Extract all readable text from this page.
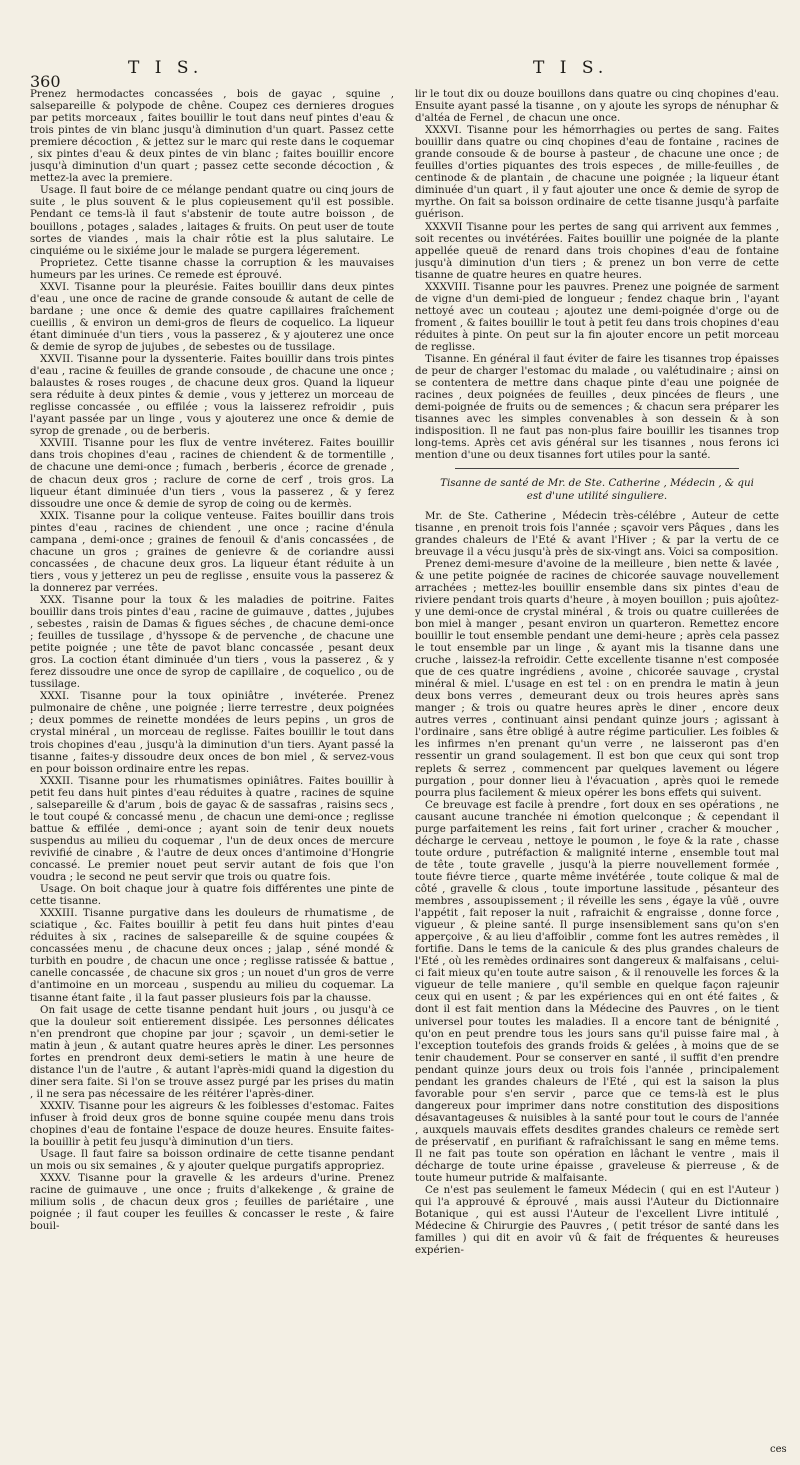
360
T I S.	T I S.

Prenez hermodactes concassées , bois de gayac , squine , salsepareille & polypode de chêne. Coupez ces dernieres drogues par petits morceaux , faites bouillir le tout dans neuf pintes d'eau & trois pintes de vin blanc jusqu'à diminution d'un quart. Passez cette premiere décoction , & jettez sur le marc qui reste dans le coquemar , six pintes d'eau & deux pintes de vin blanc ; faites bouillir encore jusqu'à diminution d'un quart ; passez cette seconde décoction , & mettez-la avec la premiere.

Usage. Il faut boire de ce mélange pendant quatre ou cinq jours de suite , le plus souvent & le plus copieusement qu'il est possible. Pendant ce tems-là il faut s'abstenir de toute autre boisson , de bouillons , potages , salades , laitages & fruits. On peut user de toute sortes de viandes , mais la chair rôtie est la plus salutaire. Le cinquiéme ou le sixiéme jour le malade se purgera légerement.

Proprietez. Cette tisanne chasse la corruption & les mauvaises humeurs par les urines. Ce remede est éprouvé.

XXVI. Tisanne pour la pleurésie. Faites bouillir dans deux pintes d'eau , une once de racine de grande consoude & autant de celle de bardane ; une once & demie des quatre capillaires fraîchement cueillis , & environ un demi-gros de fleurs de coquelico. La liqueur étant diminuée d'un tiers , vous la passerez , & y ajouterez une once & demie de syrop de jujubes , de sebestes ou de tussilage.

XXVII. Tisanne pour la dyssenterie. Faites bouillir dans trois pintes d'eau , racine & feuilles de grande consoude , de chacune une once ; balaustes & roses rouges , de chacune deux gros. Quand la liqueur sera réduite à deux pintes & demie , vous y jetterez un morceau de reglisse concassée , ou effilée ; vous la laisserez refroidir , puis l'ayant passée par un linge , vous y ajouterez une once & demie de syrop de grenade , ou de berberis.

XXVIII. Tisanne pour les flux de ventre invéterez. Faites bouillir dans trois chopines d'eau , racines de chiendent & de tormentille , de chacune une demi-once ; fumach , berberis , écorce de grenade , de chacun deux gros ; raclure de corne de cerf , trois gros. La liqueur étant diminuée d'un tiers , vous la passerez , & y ferez dissoudre une once & demie de syrop de coing ou de kermès.

XXIX. Tisanne pour la colique venteuse. Faites bouillir dans trois pintes d'eau , racines de chiendent , une once ; racine d'énula campana , demi-once ; graines de fenouil & d'anis concassées , de chacune un gros ; graines de genievre & de coriandre aussi concassées , de chacune deux gros. La liqueur étant réduite à un tiers , vous y jetterez un peu de reglisse , ensuite vous la passerez & la donnerez par verrées.

XXX. Tisanne pour la toux & les maladies de poitrine. Faites bouillir dans trois pintes d'eau , racine de guimauve , dattes , jujubes , sebestes , raisin de Damas & figues séches , de chacune demi-once ; feuilles de tussilage , d'hyssope & de pervenche , de chacune une petite poignée ; une tête de pavot blanc concassée , pesant deux gros. La coction étant diminuée d'un tiers , vous la passerez , & y ferez dissoudre une once de syrop de capillaire , de coquelico , ou de tussilage.

XXXI. Tisanne pour la toux opiniâtre , invéterée. Prenez pulmonaire de chêne , une poignée ; lierre terrestre , deux poignées ; deux pommes de reinette mondées de leurs pepins , un gros de crystal minéral , un morceau de reglisse. Faites bouillir le tout dans trois chopines d'eau , jusqu'à la diminution d'un tiers. Ayant passé la tisanne , faites-y dissoudre deux onces de bon miel , & servez-vous en pour boisson ordinaire entre les repas.

XXXII. Tisanne pour les rhumatismes opiniâtres. Faites bouillir à petit feu dans huit pintes d'eau réduites à quatre , racines de squine , salsepareille & d'arum , bois de gayac & de sassafras , raisins secs , le tout coupé & concassé menu , de chacun une demi-once ; reglisse battue & effilée , demi-once ; ayant soin de tenir deux nouets suspendus au milieu du coquemar , l'un de deux onces de mercure revivifié de cinabre , & l'autre de deux onces d'antimoine d'Hongrie concassé. Le premier nouet peut servir autant de fois que l'on voudra ; le second ne peut servir que trois ou quatre fois.

Usage. On boit chaque jour à quatre fois différentes une pinte de cette tisanne.

XXXIII. Tisanne purgative dans les douleurs de rhumatisme , de sciatique , &c. Faites bouillir à petit feu dans huit pintes d'eau réduites à six , racines de salsepareille & de squine coupées & concassées menu , de chacune deux onces ; jalap , séné mondé & turbith en poudre , de chacun une once ; reglisse ratissée & battue , canelle concassée , de chacune six gros ; un nouet d'un gros de verre d'antimoine en un morceau , suspendu au milieu du coquemar. La tisanne étant faite , il la faut passer plusieurs fois par la chausse.

On fait usage de cette tisanne pendant huit jours , ou jusqu'à ce que la douleur soit entierement dissipée. Les personnes délicates n'en prendront que chopine par jour ; sçavoir , un demi-setier le matin à jeun , & autant quatre heures après le diner. Les personnes fortes en prendront deux demi-setiers le matin à une heure de distance l'un de l'autre , & autant l'après-midi quand la digestion du diner sera faite. Si l'on se trouve assez purgé par les prises du matin , il ne sera pas nécessaire de les réitérer l'après-diner.

XXXIV. Tisanne pour les aigreurs & les foiblesses d'estomac. Faites infuser à froid deux gros de bonne squine coupée menu dans trois chopines d'eau de fontaine l'espace de douze heures. Ensuite faites-la bouillir à petit feu jusqu'à diminution d'un tiers.

Usage. Il faut faire sa boisson ordinaire de cette tisanne pendant un mois ou six semaines , & y ajouter quelque purgatifs appropriez.

XXXV. Tisanne pour la gravelle & les ardeurs d'urine. Prenez racine de guimauve , une once ; fruits d'alkekenge , & graine de milium solis , de chacun deux gros ; feuilles de pariétaire , une poignée ; il faut couper les feuilles & concasser le reste , & faire bouil-

lir le tout dix ou douze bouillons dans quatre ou cinq chopines d'eau. Ensuite ayant passé la tisanne , on y ajoute les syrops de nénuphar & d'altéa de Fernel , de chacun une once.

XXXVI. Tisanne pour les hémorrhagies ou pertes de sang. Faites bouillir dans quatre ou cinq chopines d'eau de fontaine , racines de grande consoude & de bourse à pasteur , de chacune une once ; de feuilles d'orties piquantes des trois especes , de mille-feuilles , de centinode & de plantain , de chacune une poignée ; la liqueur étant diminuée d'un quart , il y faut ajouter une once & demie de syrop de myrthe. On fait sa boisson ordinaire de cette tisanne jusqu'à parfaite guérison.

XXXVII Tisanne pour les pertes de sang qui arrivent aux femmes , soit recentes ou invétérées. Faites bouillir une poignée de la plante appellée queuë de renard dans trois chopines d'eau de fontaine jusqu'à diminution d'un tiers ; & prenez un bon verre de cette tisanne de quatre heures en quatre heures.

XXXVIII. Tisanne pour les pauvres. Prenez une poignée de sarment de vigne d'un demi-pied de longueur ; fendez chaque brin , l'ayant nettoyé avec un couteau ; ajoutez une demi-poignée d'orge ou de froment , & faites bouillir le tout à petit feu dans trois chopines d'eau réduites à pinte. On peut sur la fin ajouter encore un petit morceau de reglisse.

Tisanne. En général il faut éviter de faire les tisannes trop épaisses de peur de charger l'estomac du malade , ou valétudinaire ; ainsi on se contentera de mettre dans chaque pinte d'eau une poignée de racines , deux poignées de feuilles , deux pincées de fleurs , une demi-poignée de fruits ou de semences ; & chacun sera préparer les tisannes avec les simples convenables à son dessein & à son indisposition. Il ne faut pas non-plus faire bouillir les tisannes trop long-tems. Après cet avis général sur les tisannes , nous ferons ici mention d'une ou deux tisannes fort utiles pour la santé.

Tisanne de santé de Mr. de Ste. Catherine , Médecin , & qui est d'une utilité singuliere.

Mr. de Ste. Catherine , Médecin très-célébre , Auteur de cette tisanne , en prenoit trois fois l'année ; sçavoir vers Pâques , dans les grandes chaleurs de l'Eté & avant l'Hiver ; & par la vertu de ce breuvage il a vécu jusqu'à près de six-vingt ans. Voici sa composition.

Prenez demi-mesure d'avoine de la meilleure , bien nette & lavée , & une petite poignée de racines de chicorée sauvage nouvellement arrachées ; mettez-les bouillir ensemble dans six pintes d'eau de riviere pendant trois quarts d'heure , à moyen bouillon ; puis ajoûtez-y une demi-once de crystal minéral , & trois ou quatre cuillerées de bon miel à manger , pesant environ un quarteron. Remettez encore bouillir le tout ensemble pendant une demi-heure ; après cela passez le tout ensemble par un linge , & ayant mis la tisanne dans une cruche , laissez-la refroidir. Cette excellente tisanne n'est composée que de ces quatre ingrédiens , avoine , chicorée sauvage , crystal minéral & miel. L'usage en est tel : on en prendra le matin à jeun deux bons verres , demeurant deux ou trois heures après sans manger ; & trois ou quatre heures après le diner , encore deux autres verres , continuant ainsi pendant quinze jours ; agissant à l'ordinaire , sans être obligé à autre régime particulier. Les foibles & les infirmes n'en prenant qu'un verre , ne laisseront pas d'en ressentir un grand soulagement. Il est bon que ceux qui sont trop replets & serrez , commencent par quelques lavement ou légere purgation , pour donner lieu à l'évacuation , après quoi le remede pourra plus facilement & mieux opérer les bons effets qui suivent.

Ce breuvage est facile à prendre , fort doux en ses opérations , ne causant aucune tranchée ni émotion quelconque ; & cependant il purge parfaitement les reins , fait fort uriner , cracher & moucher , décharge le cerveau , nettoye le poumon , le foye & la rate , chasse toute ordure , putréfaction & malignité interne , ensemble tout mal de tête , toute gravelle , jusqu'à la pierre nouvellement formée , toute fiévre tierce , quarte même invétérée , toute colique & mal de côté , gravelle & clous , toute importune lassitude , pésanteur des membres , assoupissement ; il réveille les sens , égaye la vûë , ouvre l'appétit , fait reposer la nuit , rafraichit & engraisse , donne force , vigueur , & pleine santé. Il purge insensiblement sans qu'on s'en apperçoive , & au lieu d'affoiblir , comme font les autres remèdes , il fortifie. Dans le tems de la canicule & des plus grandes chaleurs de l'Eté , où les remèdes ordinaires sont dangereux & malfaisans , celui-ci fait mieux qu'en toute autre saison , & il renouvelle les forces & la vigueur de telle maniere , qu'il semble en quelque façon rajeunir ceux qui en usent ; & par les expériences qui en ont été faites , & dont il est fait mention dans la Médecine des Pauvres , on le tient universel pour toutes les maladies. Il a encore tant de bénignité , qu'on en peut prendre tous les jours sans qu'il puisse faire mal , à l'exception toutefois des grands froids & gelées , à moins que de se tenir chaudement. Pour se conserver en santé , il suffit d'en prendre pendant quinze jours deux ou trois fois l'année , principalement pendant les grandes chaleurs de l'Eté , qui est la saison la plus favorable pour s'en servir , parce que ce tems-là est le plus dangereux pour imprimer dans notre constitution des dispositions désavantageuses & nuisibles à la santé pour tout le cours de l'année , auxquels mauvais effets desdites grandes chaleurs ce remède sert de préservatif , en purifiant & rafraîchissant le sang en même tems. Il ne fait pas toute son opération en lâchant le ventre , mais il décharge de toute urine épaisse , graveleuse & pierreuse , & de toute humeur putride & malfaisante.

Ce n'est pas seulement le fameux Médecin ( qui en est l'Auteur ) qui l'a approuvé & éprouvé , mais aussi l'Auteur du Dictionnaire Botanique , qui est aussi l'Auteur de l'excellent Livre intitulé , Médecine & Chirurgie des Pauvres , ( petit trésor de santé dans les familles ) qui dit en avoir vû & fait de fréquentes & heureuses expérien-

ces
